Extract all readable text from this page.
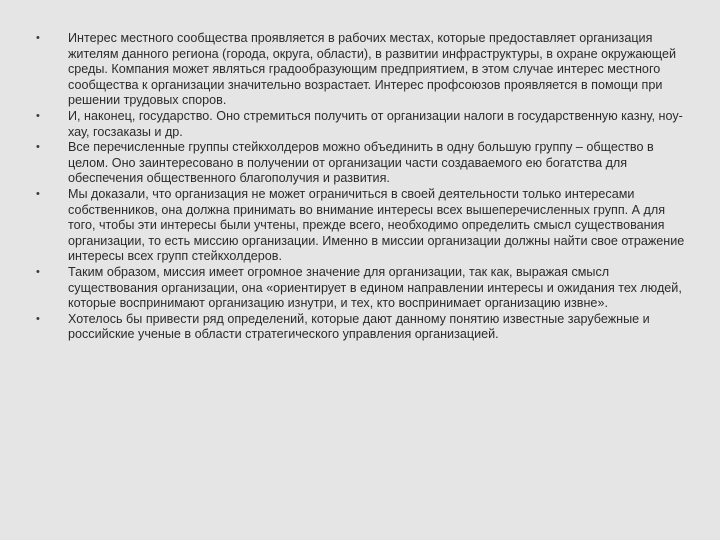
•	Интерес местного сообщества проявляется в рабочих местах, которые предоставляет организация жителям данного региона (города, округа, области), в развитии инфраструктуры, в охране окружающей среды. Компания может являться градообразующим предприятием, в этом случае интерес местного сообщества к организации значительно возрастает. Интерес профсоюзов проявляется в помощи при решении трудовых споров.
•	И, наконец, государство. Оно стремиться получить от организации налоги в государственную казну, ноу-хау, госзаказы и др.
•	Все перечисленные группы стейкхолдеров можно объединить в одну большую группу – общество в целом. Оно заинтересовано в получении от организации части создаваемого ею богатства для обеспечения общественного благополучия и развития.
•	Мы доказали, что организация не может ограничиться в своей деятельности только интересами собственников, она должна принимать во внимание интересы всех вышеперечисленных групп. А для того, чтобы эти интересы были учтены, прежде всего, необходимо определить смысл существования организации, то есть миссию организации. Именно в миссии организации должны найти свое отражение интересы всех групп стейкхолдеров.
•	Таким образом, миссия имеет огромное значение для организации, так как, выражая смысл существования организации, она «ориентирует в едином направлении интересы и ожидания тех людей, которые воспринимают организацию изнутри, и тех, кто воспринимает организацию извне».
•	Хотелось бы привести ряд определений, которые дают данному понятию известные зарубежные и российские ученые в области стратегического управления организацией.
